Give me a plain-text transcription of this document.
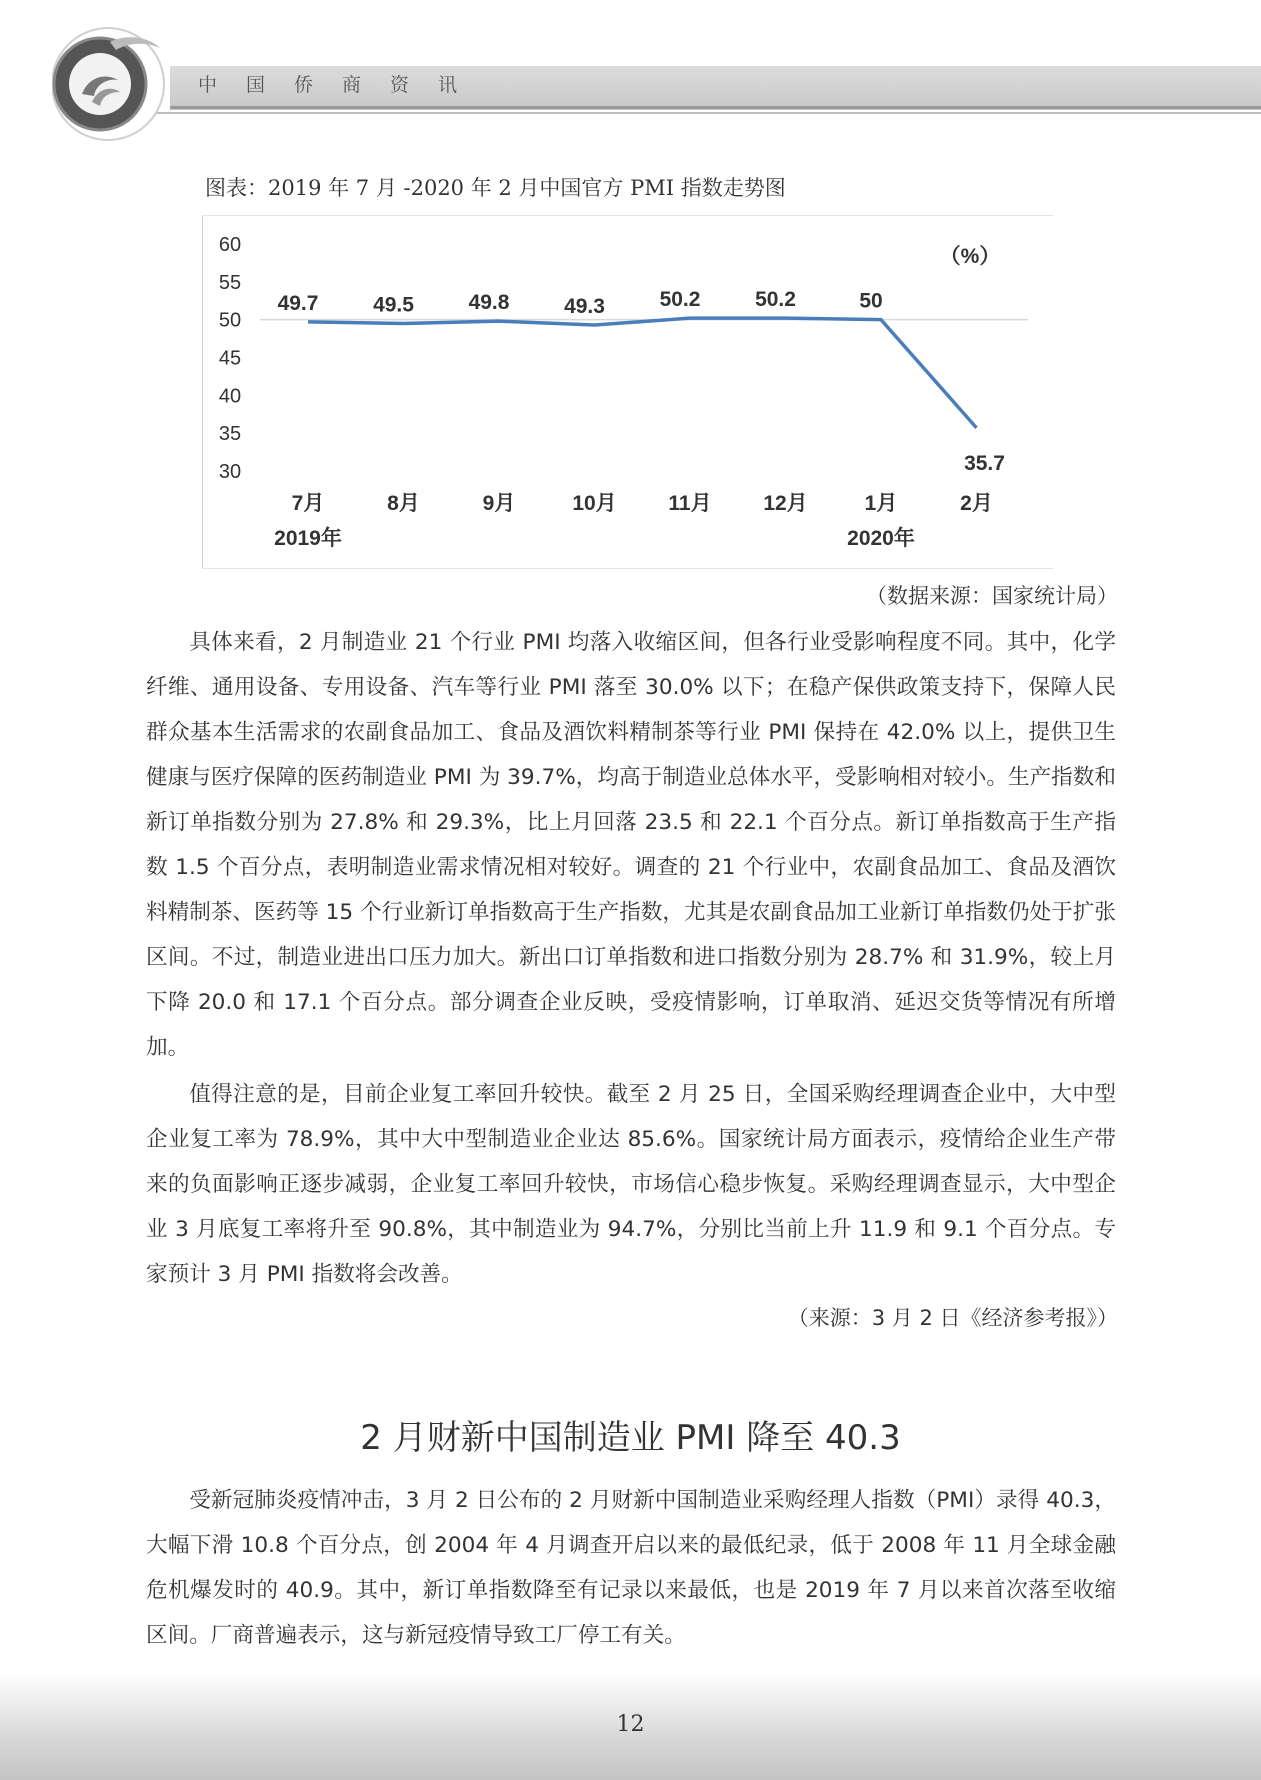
中国侨商资讯
图表：2019 年 7 月 -2020 年 2 月中国官方 PMI 指数走势图
60
55
50
45
40
35
30
49.7	49.5	49.8	49.3	50.2	50.2	50
35.7
7月
2019年
8月	9月	10月 11月 12月	1月
2020年
2月
（%）
（数据来源：国家统计局）
具体来看，2 月制造业 21 个行业 PMI 均落入收缩区间，但各行业受影响程度不同。其中，化学纤维、通用设备、专用设备、汽车等行业 PMI 落至 30.0% 以下；在稳产保供政策支持下，保障人民群众基本生活需求的农副食品加工、食品及酒饮料精制茶等行业 PMI 保持在 42.0% 以上，提供卫生健康与医疗保障的医药制造业 PMI 为 39.7%，均高于制造业总体水平，受影响相对较小。生产指数和新订单指数分别为 27.8% 和 29.3%，比上月回落 23.5 和 22.1 个百分点。新订单指数高于生产指数 1.5 个百分点，表明制造业需求情况相对较好。调查的 21 个行业中，农副食品加工、食品及酒饮料精制茶、医药等 15 个行业新订单指数高于生产指数，尤其是农副食品加工业新订单指数仍处于扩张区间。不过，制造业进出口压力加大。新出口订单指数和进口指数分别为 28.7% 和 31.9%，较上月下降 20.0 和 17.1 个百分点。部分调查企业反映，受疫情影响，订单取消、延迟交货等情况有所增加。
值得注意的是，目前企业复工率回升较快。截至 2 月 25 日，全国采购经理调查企业中，大中型企业复工率为 78.9%，其中大中型制造业企业达 85.6%。国家统计局方面表示，疫情给企业生产带来的负面影响正逐步减弱，企业复工率回升较快，市场信心稳步恢复。采购经理调查显示，大中型企业 3 月底复工率将升至 90.8%，其中制造业为 94.7%，分别比当前上升 11.9 和 9.1 个百分点。专家预计 3 月 PMI 指数将会改善。
（来源：3 月 2 日《经济参考报》）
2 月财新中国制造业 PMI 降至 40.3
受新冠肺炎疫情冲击，3 月 2 日公布的 2 月财新中国制造业采购经理人指数（PMI）录得 40.3，大幅下滑 10.8 个百分点，创 2004 年 4 月调查开启以来的最低纪录，低于 2008 年 11 月全球金融危机爆发时的 40.9。其中，新订单指数降至有记录以来最低，也是 2019 年 7 月以来首次落至收缩区间。厂商普遍表示，这与新冠疫情导致工厂停工有关。
12
